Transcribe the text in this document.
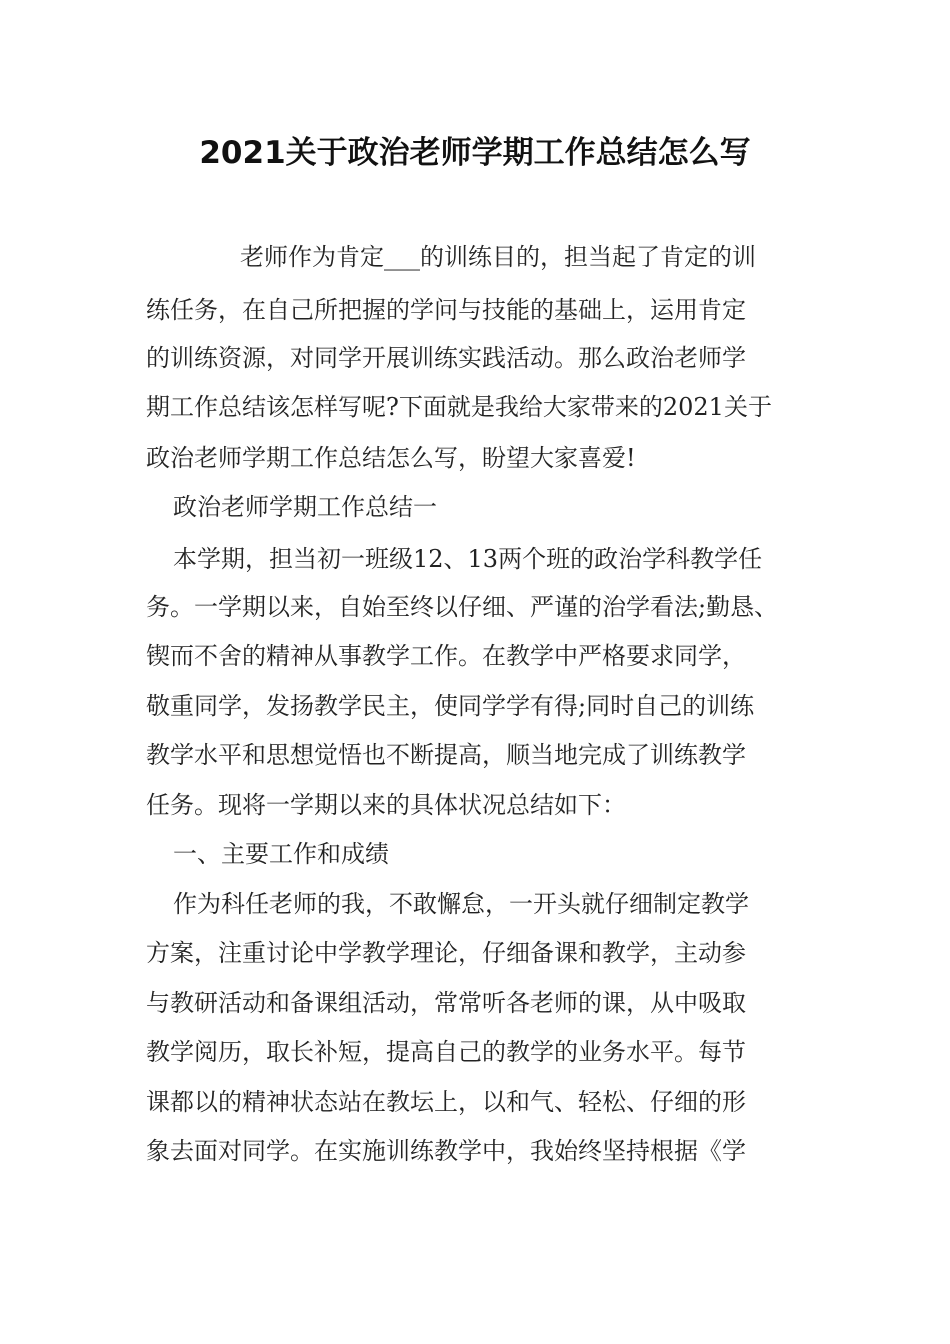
2021关于政治老师学期工作总结怎么写

老师作为肯定___的训练目的，担当起了肯定的训

练任务，在自己所把握的学问与技能的基础上，运用肯定

的训练资源，对同学开展训练实践活动。那么政治老师学

期工作总结该怎样写呢?下面就是我给大家带来的2021关于

政治老师学期工作总结怎么写，盼望大家喜爱!

政治老师学期工作总结一

本学期，担当初一班级12、13两个班的政治学科教学任

务。一学期以来，自始至终以仔细、严谨的治学看法;勤恳、

锲而不舍的精神从事教学工作。在教学中严格要求同学，

敬重同学，发扬教学民主，使同学学有得;同时自己的训练

教学水平和思想觉悟也不断提高，顺当地完成了训练教学

任务。现将一学期以来的具体状况总结如下：

一、主要工作和成绩

作为科任老师的我，不敢懈怠，一开头就仔细制定教学

方案，注重讨论中学教学理论，仔细备课和教学，主动参

与教研活动和备课组活动，常常听各老师的课，从中吸取

教学阅历，取长补短，提高自己的教学的业务水平。每节

课都以的精神状态站在教坛上，以和气、轻松、仔细的形

象去面对同学。在实施训练教学中，我始终坚持根据《学
